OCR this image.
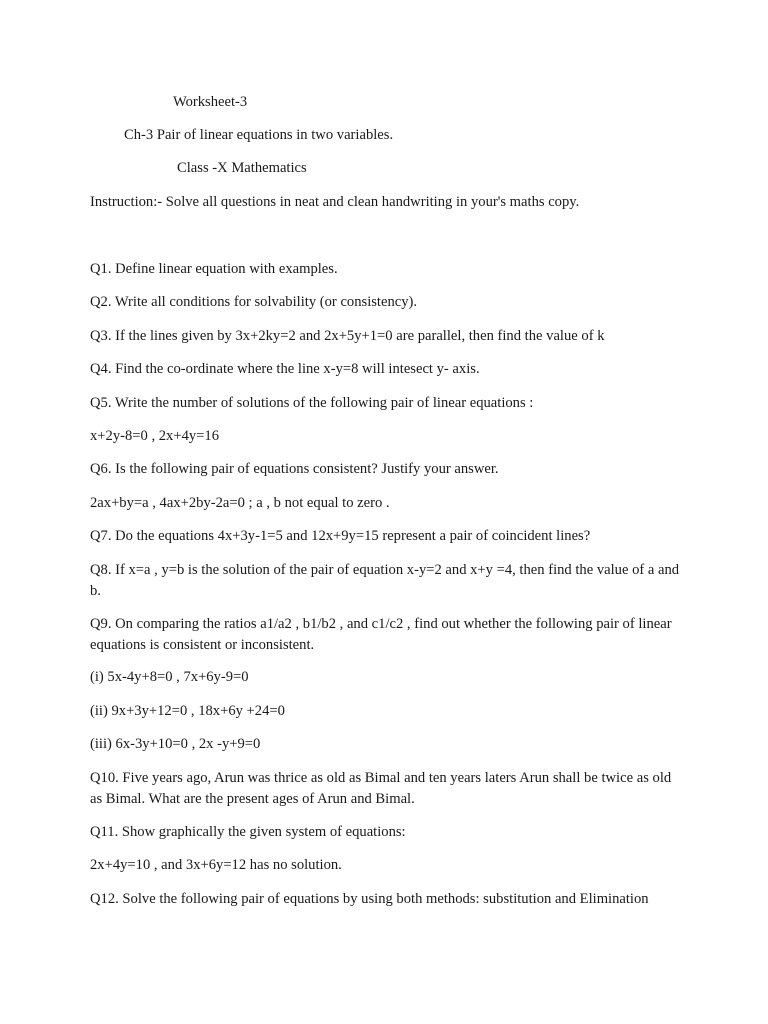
Worksheet-3
Ch-3 Pair of linear equations in two variables.
Class -X Mathematics
Instruction:- Solve all questions in neat and clean handwriting in your's maths copy.
Q1. Define linear equation with examples.
Q2. Write all conditions for solvability (or consistency).
Q3. If the lines given by 3x+2ky=2 and 2x+5y+1=0 are parallel, then find the value of k
Q4. Find the co-ordinate where the line x-y=8 will intesect y- axis.
Q5. Write the number of solutions of the following pair of linear equations :
x+2y-8=0 , 2x+4y=16
Q6. Is the following pair of equations consistent? Justify your answer.
2ax+by=a , 4ax+2by-2a=0 ; a , b not equal to zero .
Q7. Do the equations 4x+3y-1=5 and 12x+9y=15 represent a pair of coincident lines?
Q8. If x=a , y=b is the solution of the pair of equation x-y=2 and x+y =4, then find the value of a and b.
Q9. On comparing the ratios a1/a2 , b1/b2 , and c1/c2 , find out whether the following pair of linear equations is consistent or inconsistent.
(i) 5x-4y+8=0 , 7x+6y-9=0
(ii) 9x+3y+12=0 , 18x+6y +24=0
(iii) 6x-3y+10=0 , 2x -y+9=0
Q10. Five years ago, Arun was thrice as old as Bimal and ten years laters Arun shall be twice as old as Bimal. What are the present ages of Arun and Bimal.
Q11. Show graphically the given system of equations:
2x+4y=10 , and 3x+6y=12 has no solution.
Q12. Solve the following pair of equations by using both methods: substitution and Elimination
